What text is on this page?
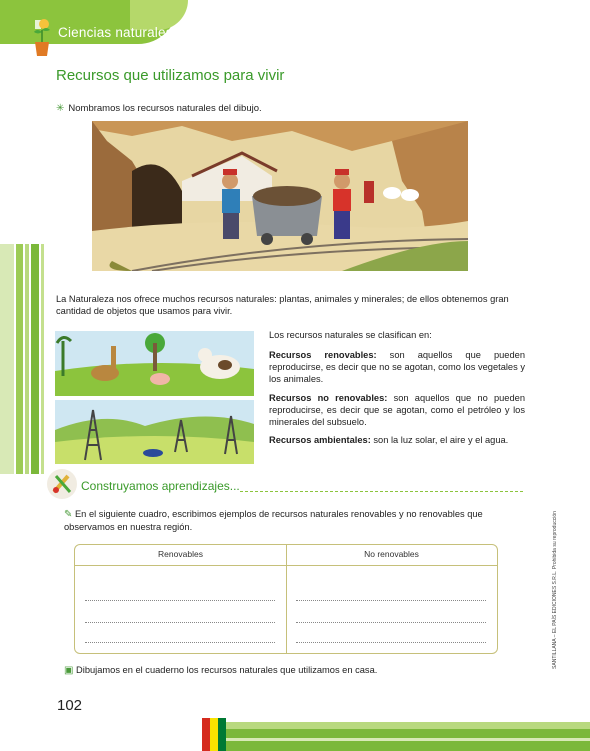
Ciencias naturales
Recursos que utilizamos para vivir
✳ Nombramos los recursos naturales del dibujo.
La Naturaleza nos ofrece muchos recursos naturales: plantas, animales y minerales; de ellos obtenemos gran cantidad de objetos que usamos para vivir.
Los recursos naturales se clasifican en:
Recursos renovables: son aquellos que pueden reproducirse, es decir que no se agotan, como los vegetales y los animales.
Recursos no renovables: son aquellos que no pueden reproducirse, es decir que se agotan, como el petróleo y los minerales del subsuelo.
Recursos ambientales: son la luz solar, el aire y el agua.
Construyamos aprendizajes...
✎ En el siguiente cuadro, escribimos ejemplos de recursos naturales renovables y no renovables que observamos en nuestra región.
Renovables	No renovables
▣ Dibujamos en el cuaderno los recursos naturales que utilizamos en casa.
SANTILLANA – EL PAÍS EDICIONES S.R.L. Prohibida su reproducción
102
